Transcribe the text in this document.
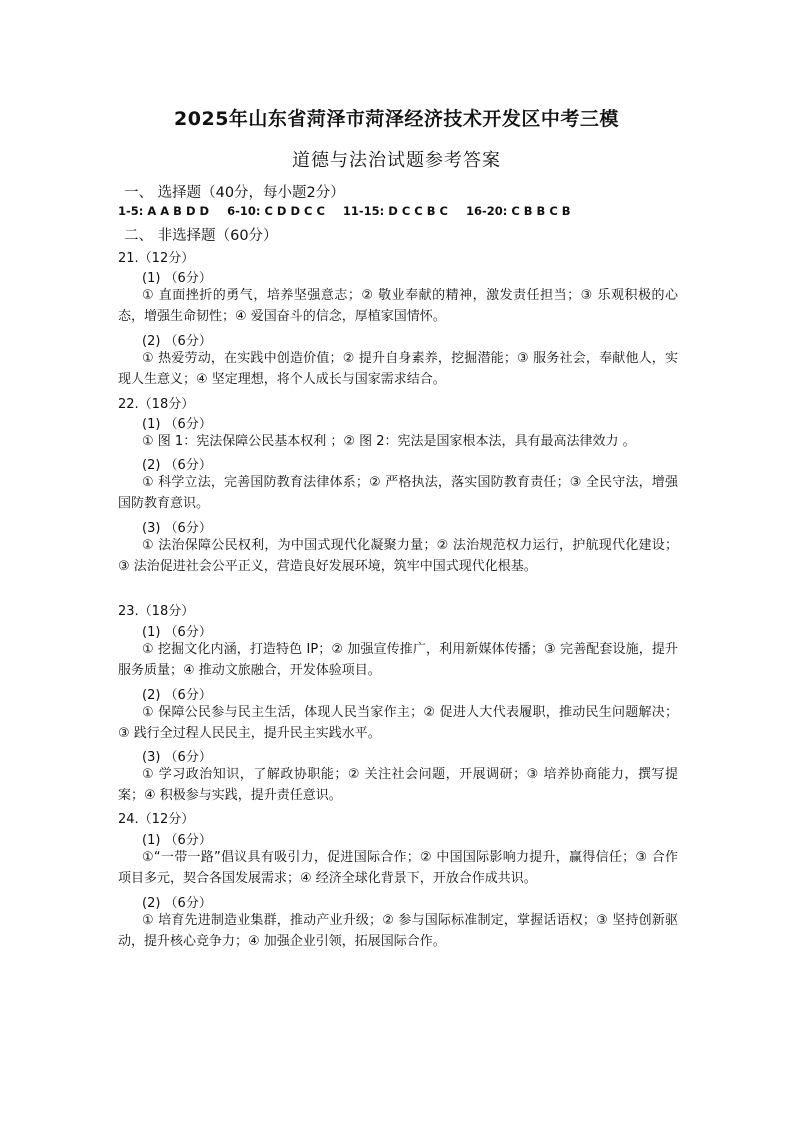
2025年山东省菏泽市菏泽经济技术开发区中考三模
道德与法治试题参考答案
一、 选择题（40分，每小题2分）
1-5: A A B D D 6-10: C D D C C 11-15: D C C B C 16-20: C B B C B
二、 非选择题（60分）
21.（12分）
(1) （6分）
① 直面挫折的勇气，培养坚强意志；② 敬业奉献的精神，激发责任担当；③ 乐观积极的心态，增强生命韧性；④ 爱国奋斗的信念，厚植家国情怀。
(2) （6分）
① 热爱劳动，在实践中创造价值；② 提升自身素养，挖掘潜能；③ 服务社会，奉献他人，实现人生意义；④ 坚定理想，将个人成长与国家需求结合。
22.（18分）
(1) （6分）
① 图 1：宪法保障公民基本权利 ；② 图 2：宪法是国家根本法，具有最高法律效力 。
(2) （6分）
① 科学立法，完善国防教育法律体系；② 严格执法，落实国防教育责任；③ 全民守法，增强国防教育意识。
(3) （6分）
① 法治保障公民权利，为中国式现代化凝聚力量；② 法治规范权力运行，护航现代化建设；③ 法治促进社会公平正义，营造良好发展环境，筑牢中国式现代化根基。
23.（18分）
(1) （6分）
① 挖掘文化内涵，打造特色 IP；② 加强宣传推广，利用新媒体传播；③ 完善配套设施，提升服务质量；④ 推动文旅融合，开发体验项目。
(2) （6分）
① 保障公民参与民主生活，体现人民当家作主；② 促进人大代表履职，推动民生问题解决；③ 践行全过程人民民主，提升民主实践水平。
(3) （6分）
① 学习政治知识，了解政协职能；② 关注社会问题，开展调研；③ 培养协商能力，撰写提案；④ 积极参与实践，提升责任意识。
24.（12分）
(1) （6分）
①“一带一路”倡议具有吸引力，促进国际合作；② 中国国际影响力提升，赢得信任；③ 合作项目多元，契合各国发展需求；④ 经济全球化背景下，开放合作成共识。
(2) （6分）
① 培育先进制造业集群，推动产业升级；② 参与国际标准制定，掌握话语权；③ 坚持创新驱动，提升核心竞争力；④ 加强企业引领，拓展国际合作。
